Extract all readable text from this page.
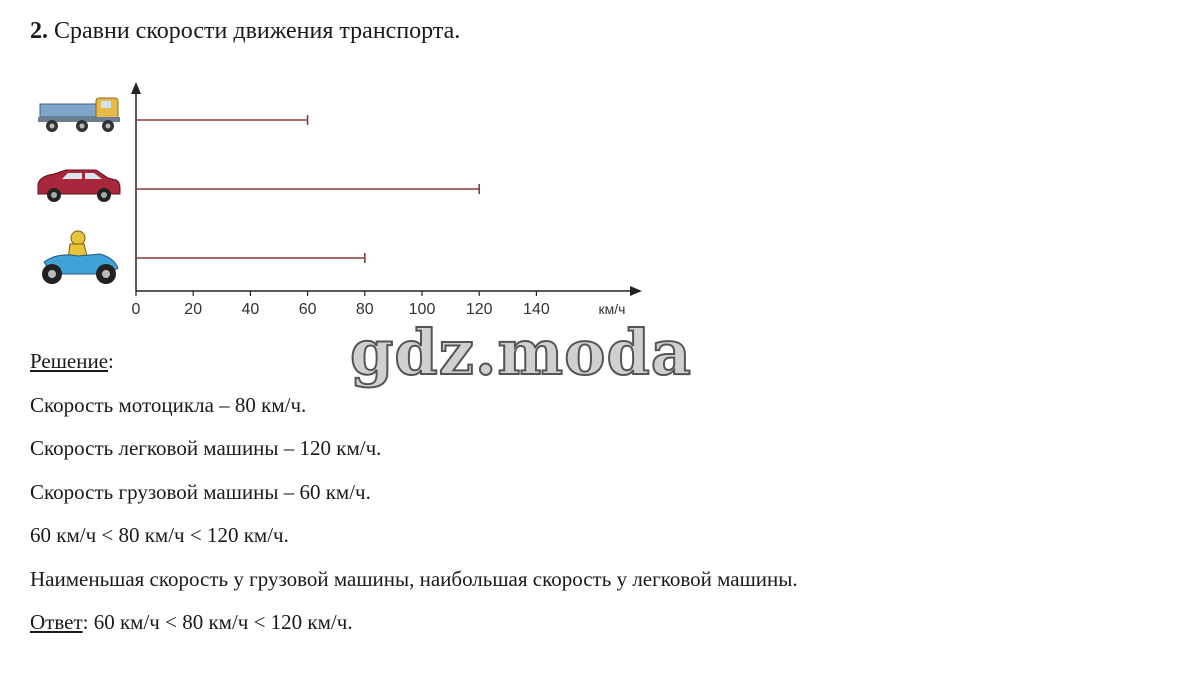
2. Сравни скорости движения транспорта.
0	20 40 60 80 100 120 140	км/ч
gdz.moda
Решение:
Скорость мотоцикла – 80 км/ч.
Скорость легковой машины – 120 км/ч.
Скорость грузовой машины – 60 км/ч.
60 км/ч < 80 км/ч < 120 км/ч.
Наименьшая скорость у грузовой машины, наибольшая скорость у легковой машины.
Ответ: 60 км/ч < 80 км/ч < 120 км/ч.
